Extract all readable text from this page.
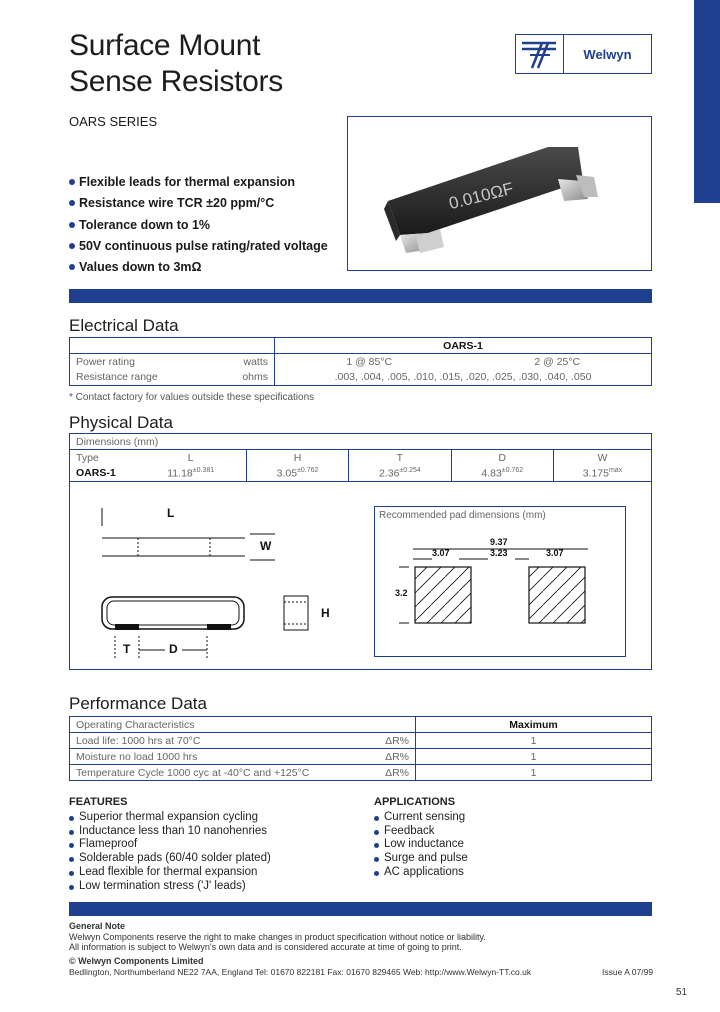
Surface Mount
Sense Resistors
OARS SERIES
Welwyn
0.010ΩF
Flexible leads for thermal expansion
Resistance wire TCR ±20 ppm/°C
Tolerance down to 1%
50V continuous pulse rating/rated voltage
Values down to 3mΩ
Electrical Data
	OARS-1	
Power rating watts	1 @ 85°C	2 @ 25°C
Resistance range ohms	.003, .004, .005, .010, .015, .020, .025, .030, .040, .050	
* Contact factory for values outside these specifications
Physical Data
Dimensions (mm)					
Type	L	H	T	D	W
OARS-1	$11.18^{\pm 0.381}$	$3.05^{\pm 0.762}$	$2.36^{\pm 0.254}$	$4.83^{\pm 0.762}$	$3.175^{max}$
L
W
H
T	D
Recommended pad dimensions (mm)
9.37
3.07	3.23	3.07
3.2
Performance Data
Operating Characteristics	Maximum
Load life: 1000 hrs at 70°C ΔR%	1
Moisture no load 1000 hrs ΔR%	1
Temperature Cycle 1000 cyc at -40°C and +125°C ΔR%	1
FEATURES
Superior thermal expansion cycling
Inductance less than 10 nanohenries
Flameproof
Solderable pads (60/40 solder plated)
Lead flexible for thermal expansion
Low termination stress ('J' leads)
APPLICATIONS
Current sensing
Feedback
Low inductance
Surge and pulse
AC applications
General Note
Welwyn Components reserve the right to make changes in product specification without notice or liability.
All information is subject to Welwyn's own data and is considered accurate at time of going to print.
© Welwyn Components Limited
Bedlington, Northumberland NE22 7AA, England Tel: 01670 822181 Fax: 01670 829465 Web: http://www.Welwyn-TT.co.uk	Issue A 07/99
51
